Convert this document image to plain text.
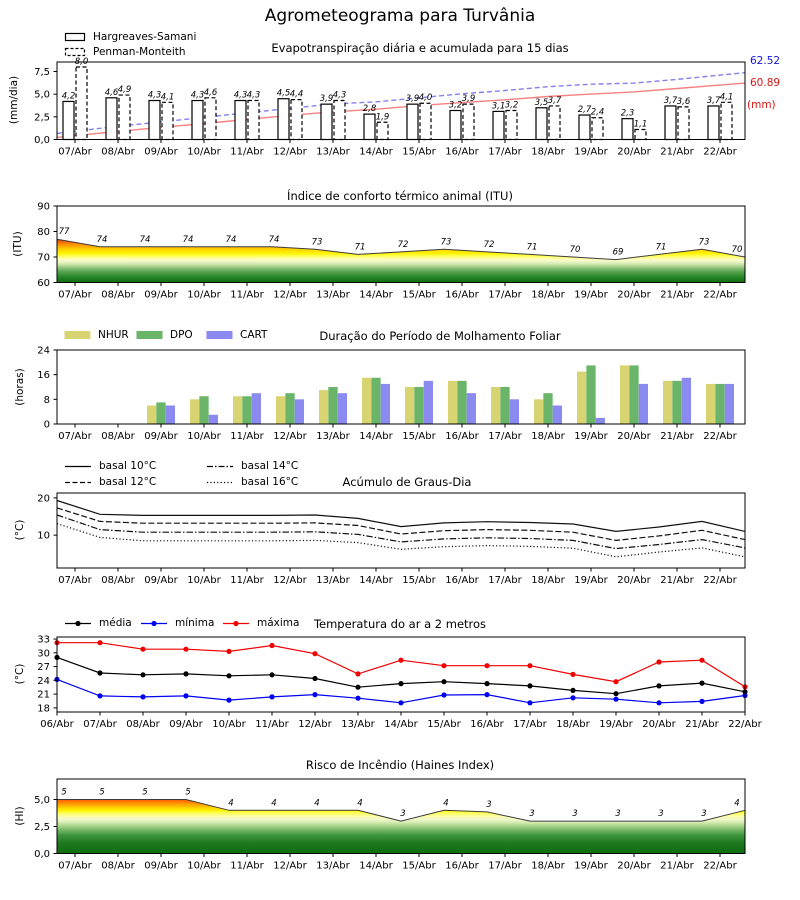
4,2
8,0
4,6 4,9
4,3 4,1 4,3 4,6 4,3 4,3 4,5 4,4 3,9 4,3
2,8
1,9
3,9 4,0
3,2
3,9
3,1 3,2 3,5 3,7
2,7 2,4 2,3
1,1
3,7 3,6 3,7 4,1
07/Abr 08/Abr 09/Abr 10/Abr 11/Abr 12/Abr 13/Abr 14/Abr 15/Abr 16/Abr 17/Abr 18/Abr 19/Abr 20/Abr 21/Abr 22/Abr
0,0
2,5
5,0
7,5
77
74	74	74	74	74	73
71	72	73	72	71	70	69
71
73
70
07/Abr 08/Abr 09/Abr 10/Abr 11/Abr 12/Abr 13/Abr 14/Abr 15/Abr 16/Abr 17/Abr 18/Abr 19/Abr 20/Abr 21/Abr 22/Abr
60
70
80
90
5	5	5	5
4	4	4	4
3
4	3
3	3	3	3	3
4
07/Abr 08/Abr 09/Abr 10/Abr 11/Abr 12/Abr 13/Abr 14/Abr 15/Abr 16/Abr 17/Abr 18/Abr 19/Abr 20/Abr 21/Abr 22/Abr
0,0
2,5
5,0
07/Abr 08/Abr 09/Abr 10/Abr 11/Abr 12/Abr 13/Abr 14/Abr 15/Abr 16/Abr 17/Abr 18/Abr 19/Abr 20/Abr 21/Abr 22/Abr
0
8
16
24
07/Abr 08/Abr 09/Abr 10/Abr 11/Abr 12/Abr 13/Abr 14/Abr 15/Abr 16/Abr 17/Abr 18/Abr 19/Abr 20/Abr 21/Abr 22/Abr
10
20
06/Abr 07/Abr 08/Abr 09/Abr 10/Abr 11/Abr 12/Abr 13/Abr 14/Abr 15/Abr 16/Abr 17/Abr 18/Abr 19/Abr 20/Abr 21/Abr 22/Abr
18
21
24
27
30
33
Agrometeograma para Turvânia
Evapotranspiração diária e acumulada para 15 dias
Índice de conforto térmico animal (ITU)
Duração do Período de Molhamento Foliar
Acúmulo de Graus-Dia
Temperatura do ar a 2 metros
Risco de Incêndio (Haines Index)
(mm/dia)
(ITU)
(horas)
(°C)
(°C)
(HI)
62.52
60.89
(mm)
Hargreaves-Samani
Penman-Monteith
NHUR	DPO	CART
basal 10°C
basal 12°C
basal 14°C
basal 16°C
média	mínima	máxima
